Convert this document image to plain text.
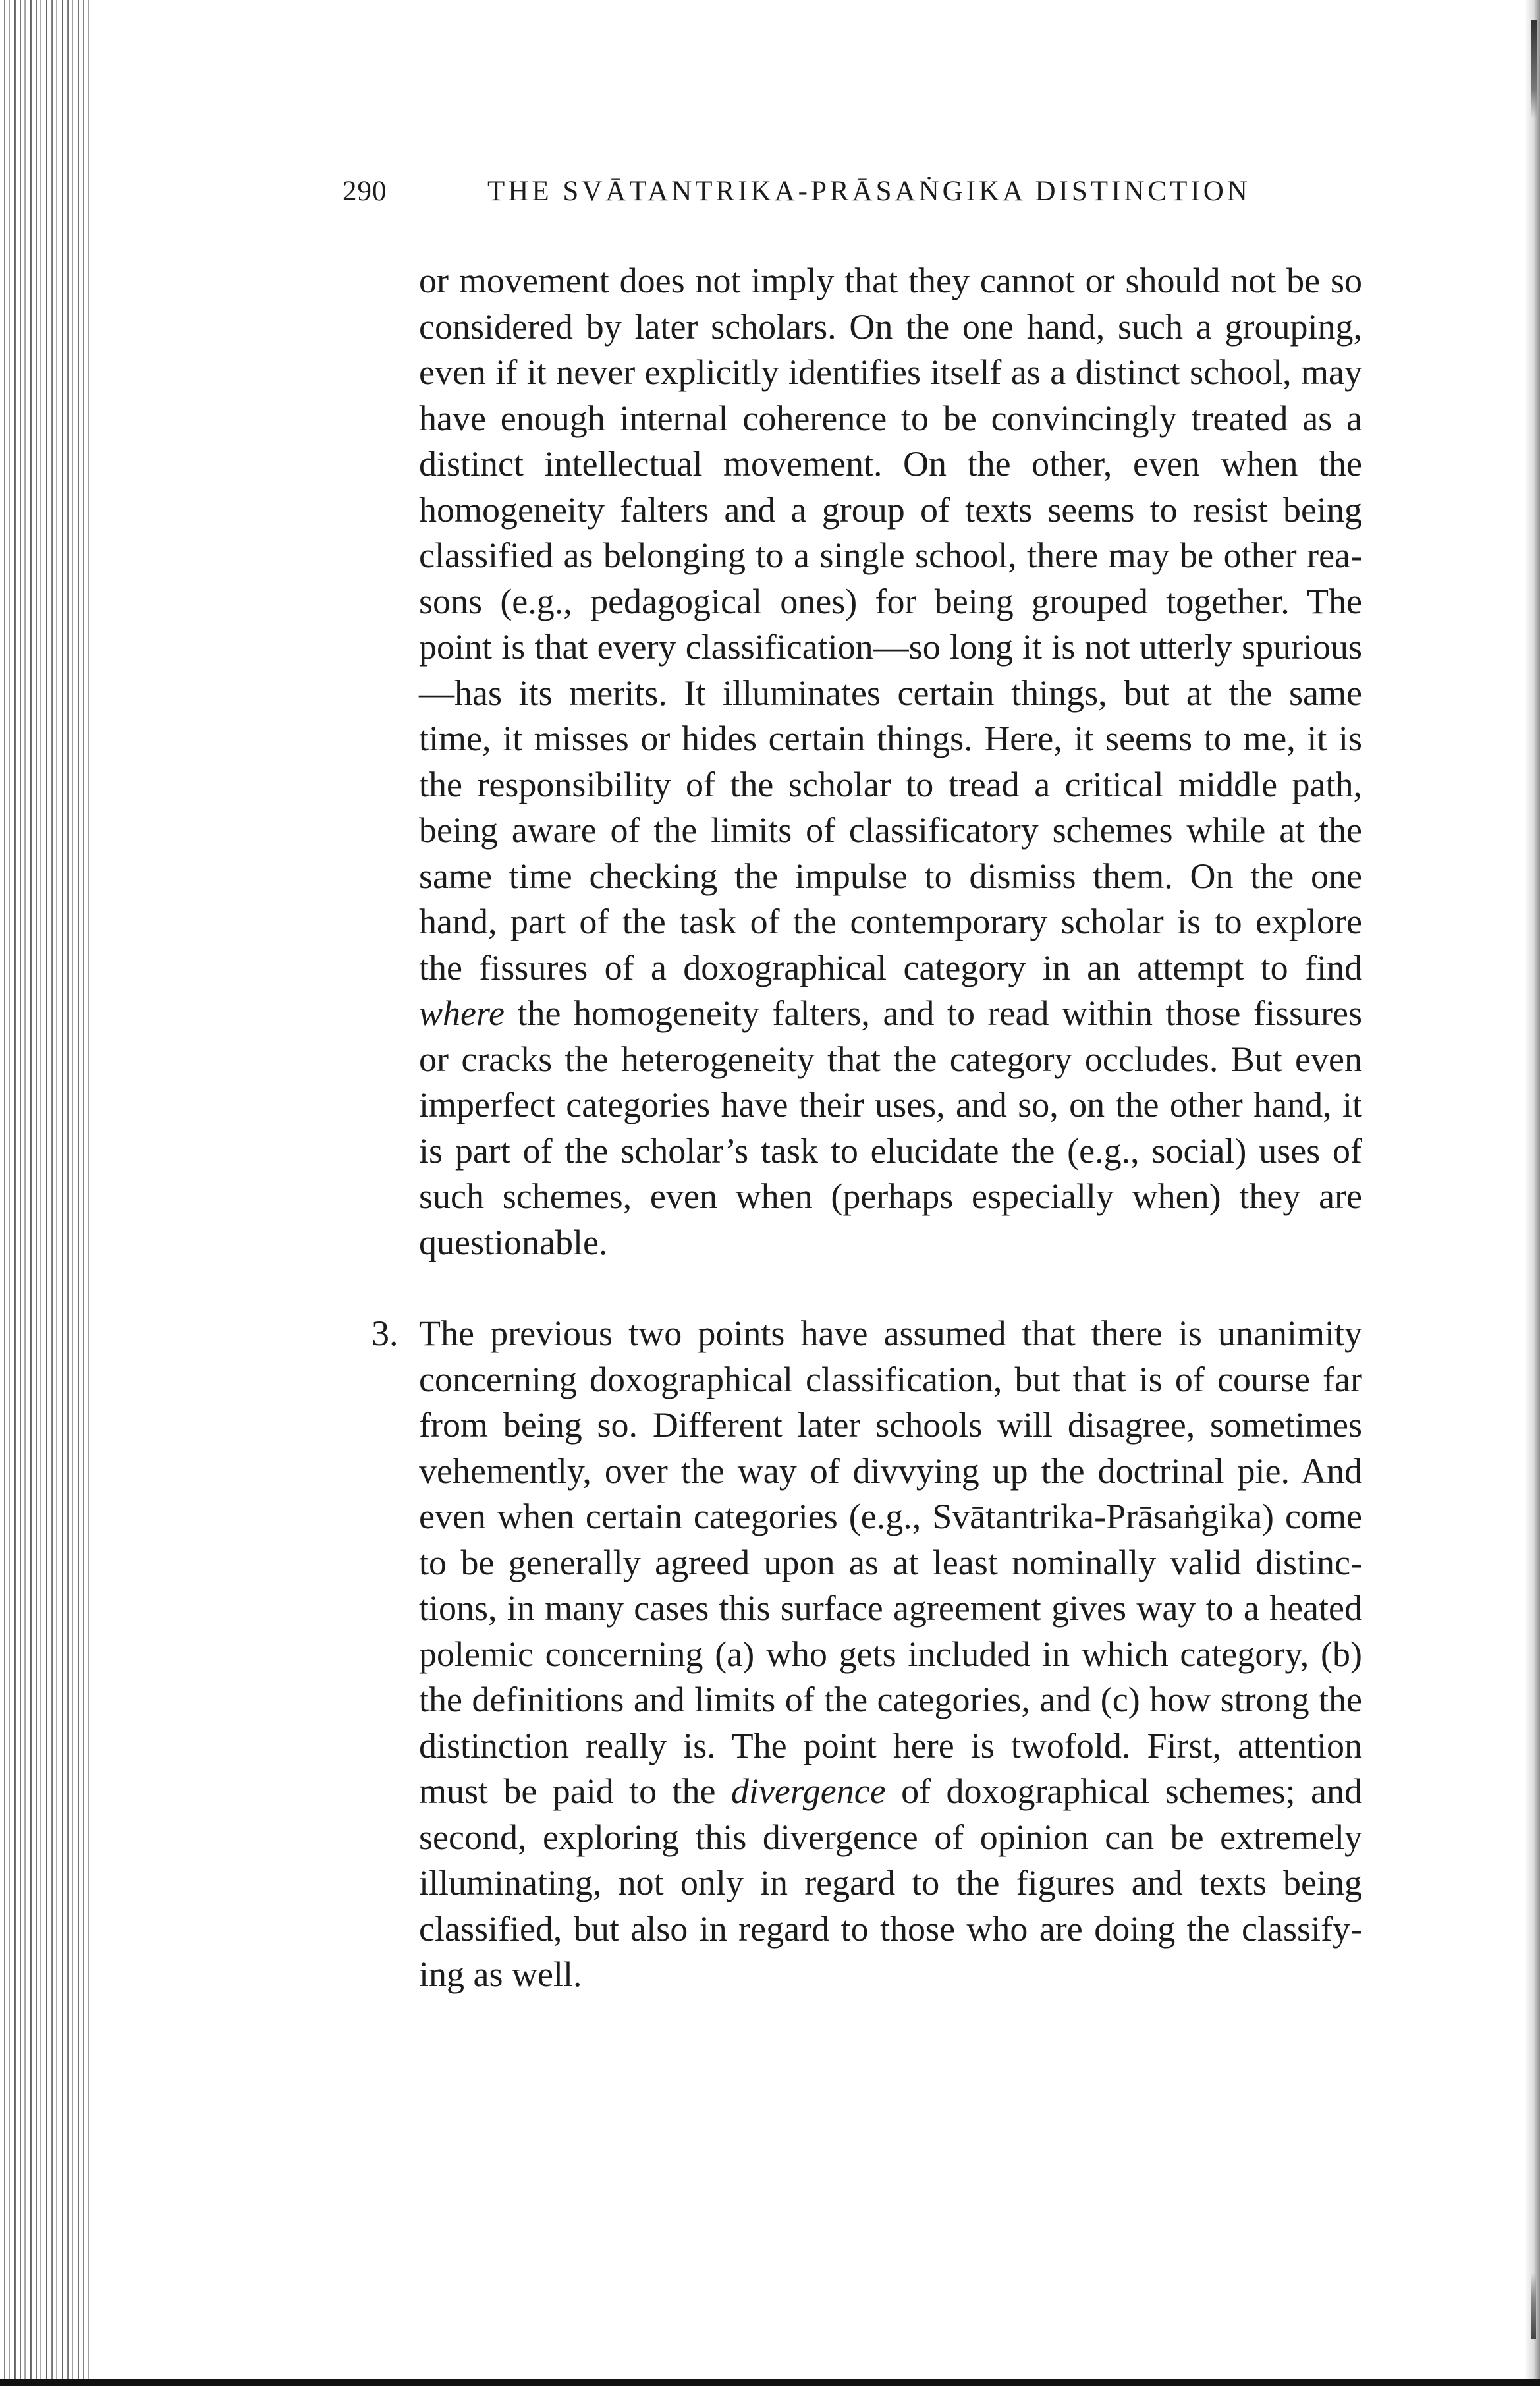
290	THE SVĀTANTRIKA-PRĀSAṄGIKA DISTINCTION

or movement does not imply that they cannot or should not be so considered by later scholars. On the one hand, such a grouping, even if it never explicitly identifies itself as a distinct school, may have enough internal coherence to be convincingly treated as a distinct intellectual movement. On the other, even when the homogeneity falters and a group of texts seems to resist being classified as belonging to a single school, there may be other reasons (e.g., pedagogical ones) for being grouped together. The point is that every classification—so long it is not utterly spurious—has its merits. It illuminates certain things, but at the same time, it misses or hides certain things. Here, it seems to me, it is the responsibility of the scholar to tread a critical middle path, being aware of the limits of classificatory schemes while at the same time checking the impulse to dismiss them. On the one hand, part of the task of the contemporary scholar is to explore the fissures of a doxographical category in an attempt to find where the homogeneity falters, and to read within those fissures or cracks the heterogeneity that the category occludes. But even imperfect categories have their uses, and so, on the other hand, it is part of the scholar’s task to elucidate the (e.g., social) uses of such schemes, even when (perhaps especially when) they are questionable.

3. The previous two points have assumed that there is unanimity concerning doxographical classification, but that is of course far from being so. Different later schools will disagree, sometimes vehemently, over the way of divvying up the doctrinal pie. And even when certain categories (e.g., Svātantrika-Prāsaṅgika) come to be generally agreed upon as at least nominally valid distinctions, in many cases this surface agreement gives way to a heated polemic concerning (a) who gets included in which category, (b) the definitions and limits of the categories, and (c) how strong the distinction really is. The point here is twofold. First, attention must be paid to the divergence of doxographical schemes; and second, exploring this divergence of opinion can be extremely illuminating, not only in regard to the figures and texts being classified, but also in regard to those who are doing the classifying as well.
